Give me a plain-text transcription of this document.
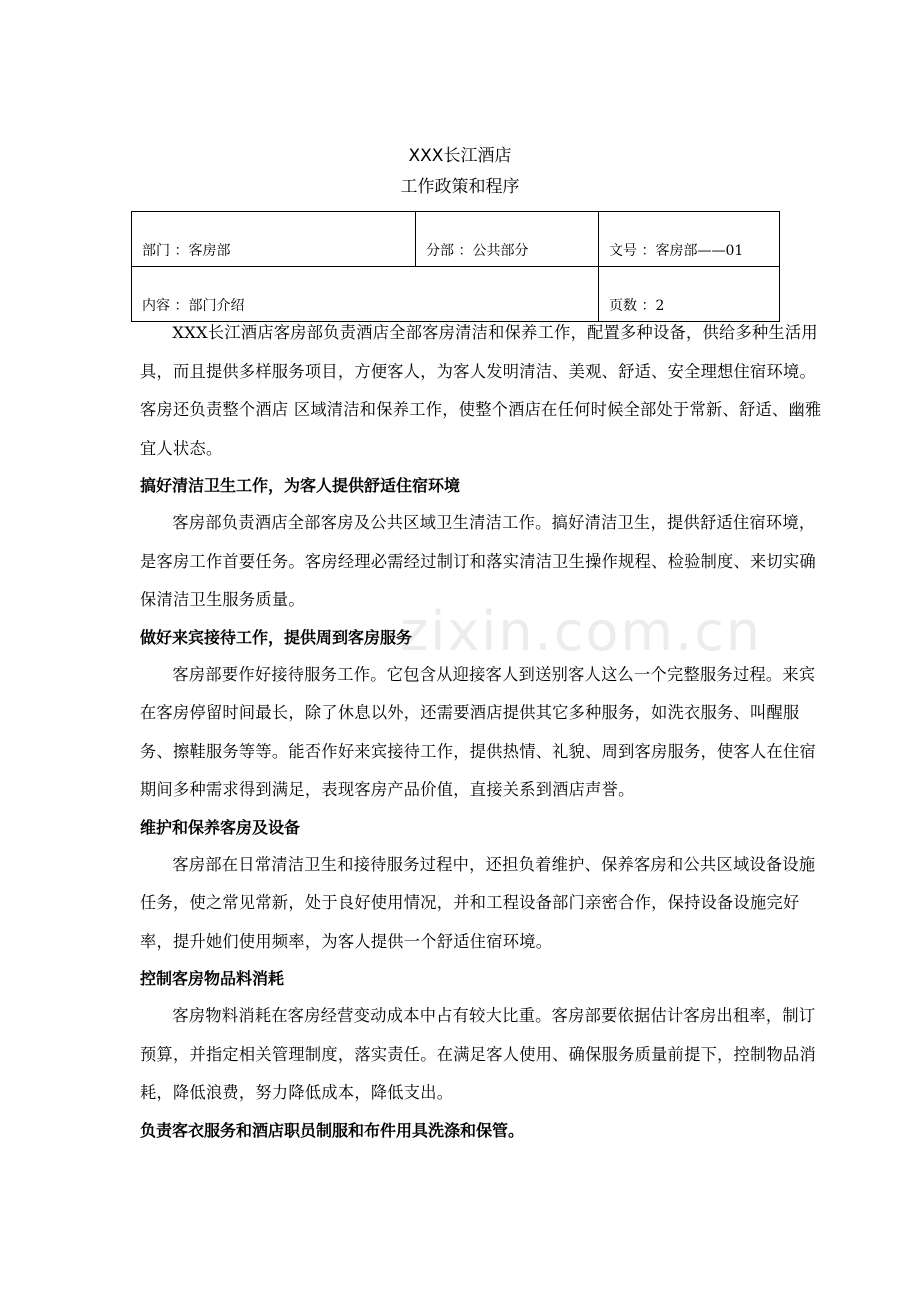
XXX长江酒店
工作政策和程序
部门 ：客房部	分部 ：公共部分	文号 ：客房部——01
内容 ：部门介绍		页数 ：2

XXX长江酒店客房部负责酒店全部客房清洁和保养工作，配置多种设备，供给多种生活用具，而且提供多样服务项目，方便客人，为客人发明清洁、美观、舒适、安全理想住宿环境。客房还负责整个酒店 区域清洁和保养工作，使整个酒店在任何时候全部处于常新、舒适、幽雅宜人状态。

搞好清洁卫生工作，为客人提供舒适住宿环境

客房部负责酒店全部客房及公共区域卫生清洁工作。搞好清洁卫生，提供舒适住宿环境，是客房工作首要任务。客房经理必需经过制订和落实清洁卫生操作规程、检验制度、来切实确保清洁卫生服务质量。

做好来宾接待工作，提供周到客房服务

客房部要作好接待服务工作。它包含从迎接客人到送别客人这么一个完整服务过程。来宾在客房停留时间最长，除了休息以外，还需要酒店提供其它多种服务，如洗衣服务、叫醒服务、擦鞋服务等等。能否作好来宾接待工作，提供热情、礼貌、周到客房服务，使客人在住宿期间多种需求得到满足，表现客房产品价值，直接关系到酒店声誉。

维护和保养客房及设备

客房部在日常清洁卫生和接待服务过程中，还担负着维护、保养客房和公共区域设备设施任务，使之常见常新，处于良好使用情况，并和工程设备部门亲密合作，保持设备设施完好率，提升她们使用频率，为客人提供一个舒适住宿环境。

控制客房物品料消耗

客房物料消耗在客房经营变动成本中占有较大比重。客房部要依据估计客房出租率，制订预算，并指定相关管理制度，落实责任。在满足客人使用、确保服务质量前提下，控制物品消耗，降低浪费，努力降低成本，降低支出。

负责客衣服务和酒店职员制服和布件用具洗涤和保管。

zixin.com.cn
